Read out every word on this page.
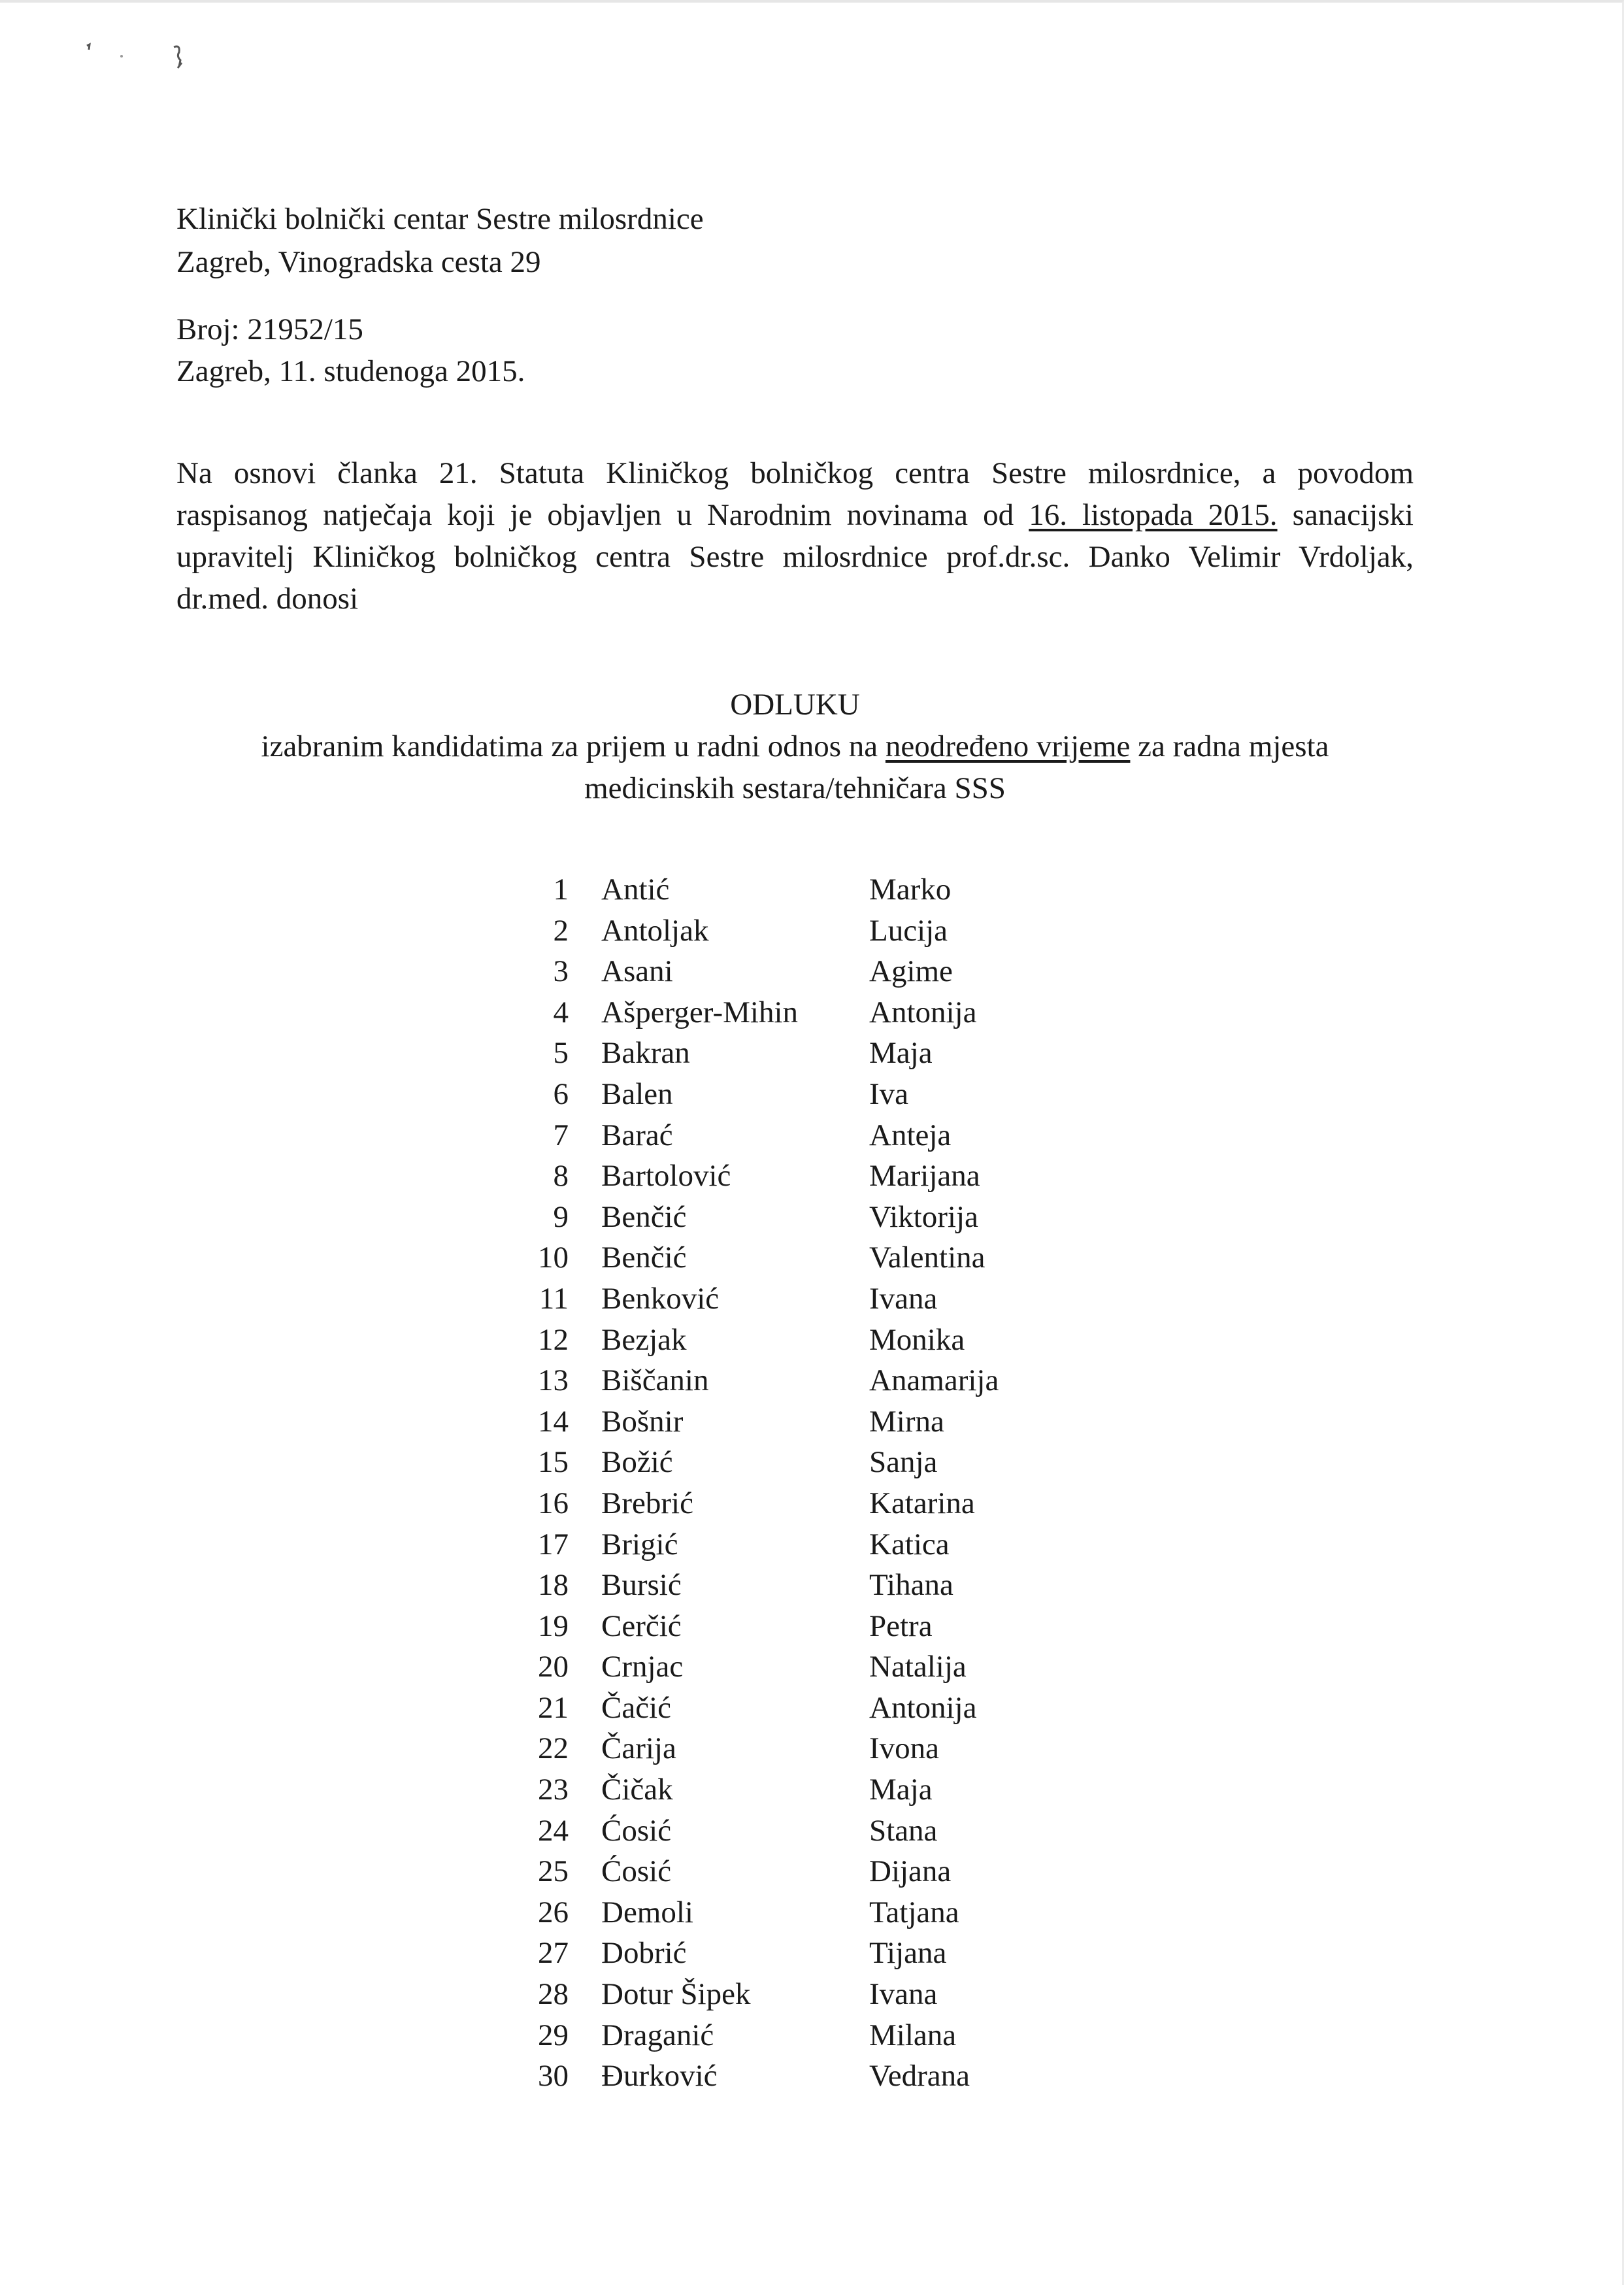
Klinički bolnički centar Sestre milosrdnice
Zagreb, Vinogradska cesta 29
Broj: 21952/15
Zagreb, 11. studenoga 2015.
Na osnovi članka 21. Statuta Kliničkog bolničkog centra Sestre milosrdnice, a povodom
raspisanog natječaja koji je objavljen u Narodnim novinama od 16. listopada 2015. sanacijski
upravitelj Kliničkog bolničkog centra Sestre milosrdnice prof.dr.sc. Danko Velimir Vrdoljak,
dr.med. donosi
ODLUKU
izabranim kandidatima za prijem u radni odnos na neodređeno vrijeme za radna mjesta
medicinskih sestara/tehničara SSS
1 Antić	Marko
2 Antoljak	Lucija
3 Asani	Agime
4 Ašperger-Mihin	Antonija
5 Bakran	Maja
6 Balen	Iva
7 Barać	Anteja
8 Bartolović	Marijana
9 Benčić	Viktorija
10 Benčić	Valentina
11 Benković	Ivana
12 Bezjak	Monika
13 Biščanin	Anamarija
14 Bošnir	Mirna
15 Božić	Sanja
16 Brebrić	Katarina
17 Brigić	Katica
18 Bursić	Tihana
19 Cerčić	Petra
20 Crnjac	Natalija
21 Čačić	Antonija
22 Čarija	Ivona
23 Čičak	Maja
24 Ćosić	Stana
25 Ćosić	Dijana
26 Demoli	Tatjana
27 Dobrić	Tijana
28 Dotur Šipek	Ivana
29 Draganić	Milana
30 Đurković	Vedrana
